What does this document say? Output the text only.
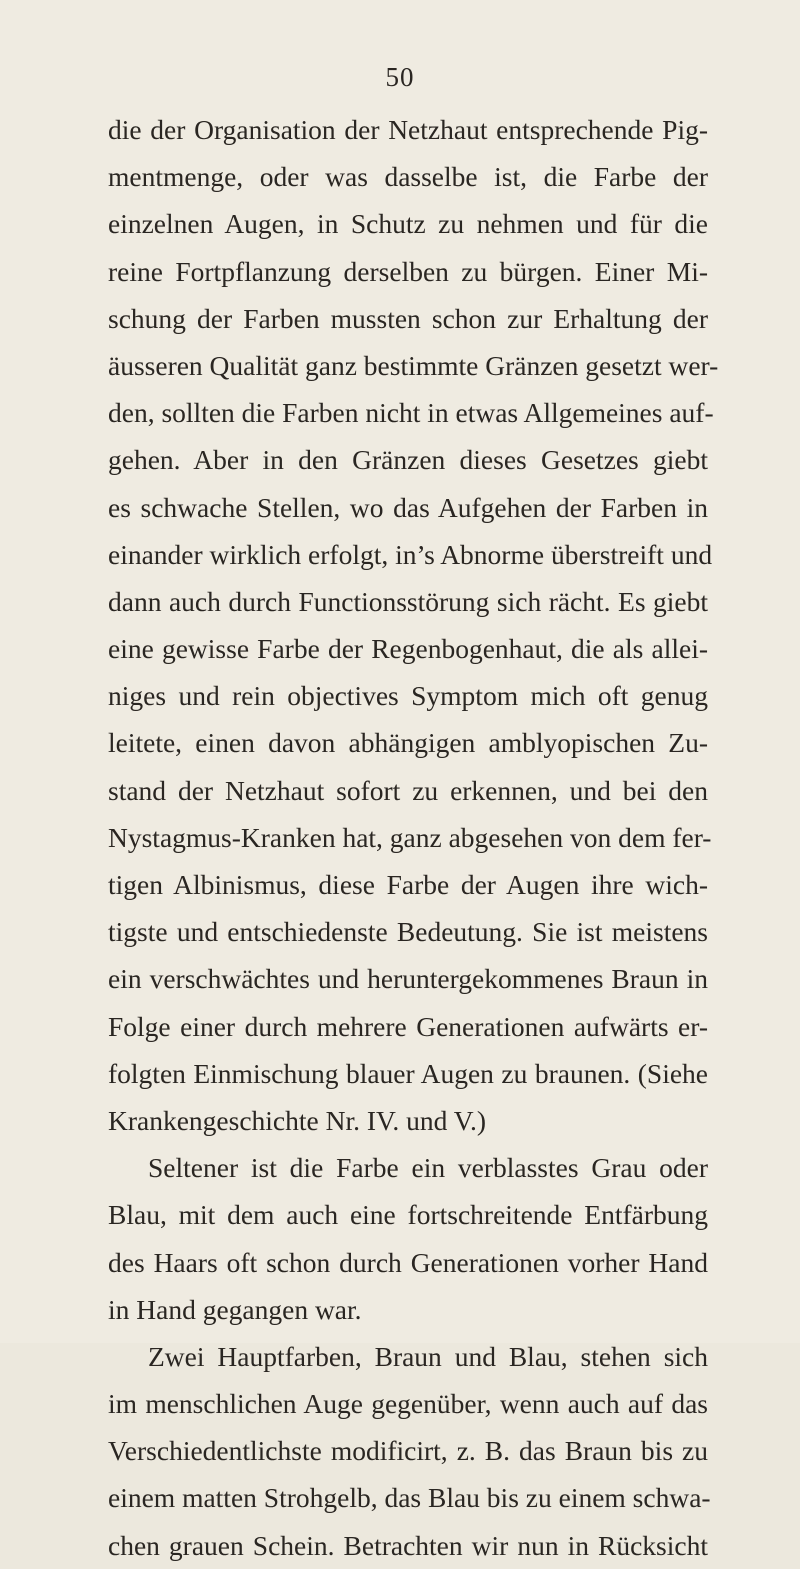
50
die der Organisation der Netzhaut entsprechende Pig-
mentmenge, oder was dasselbe ist, die Farbe der
einzelnen Augen, in Schutz zu nehmen und für die
reine Fortpflanzung derselben zu bürgen. Einer Mi-
schung der Farben mussten schon zur Erhaltung der
äusseren Qualität ganz bestimmte Gränzen gesetzt wer-
den, sollten die Farben nicht in etwas Allgemeines auf-
gehen. Aber in den Gränzen dieses Gesetzes giebt
es schwache Stellen, wo das Aufgehen der Farben in
einander wirklich erfolgt, in’s Abnorme überstreift und
dann auch durch Functionsstörung sich rächt. Es giebt
eine gewisse Farbe der Regenbogenhaut, die als allei-
niges und rein objectives Symptom mich oft genug
leitete, einen davon abhängigen amblyopischen Zu-
stand der Netzhaut sofort zu erkennen, und bei den
Nystagmus-Kranken hat, ganz abgesehen von dem fer-
tigen Albinismus, diese Farbe der Augen ihre wich-
tigste und entschiedenste Bedeutung. Sie ist meistens
ein verschwächtes und heruntergekommenes Braun in
Folge einer durch mehrere Generationen aufwärts er-
folgten Einmischung blauer Augen zu braunen. (Siehe
Krankengeschichte Nr. IV. und V.)
Seltener ist die Farbe ein verblasstes Grau oder
Blau, mit dem auch eine fortschreitende Entfärbung
des Haars oft schon durch Generationen vorher Hand
in Hand gegangen war.
Zwei Hauptfarben, Braun und Blau, stehen sich
im menschlichen Auge gegenüber, wenn auch auf das
Verschiedentlichste modificirt, z. B. das Braun bis zu
einem matten Strohgelb, das Blau bis zu einem schwa-
chen grauen Schein. Betrachten wir nun in Rücksicht
